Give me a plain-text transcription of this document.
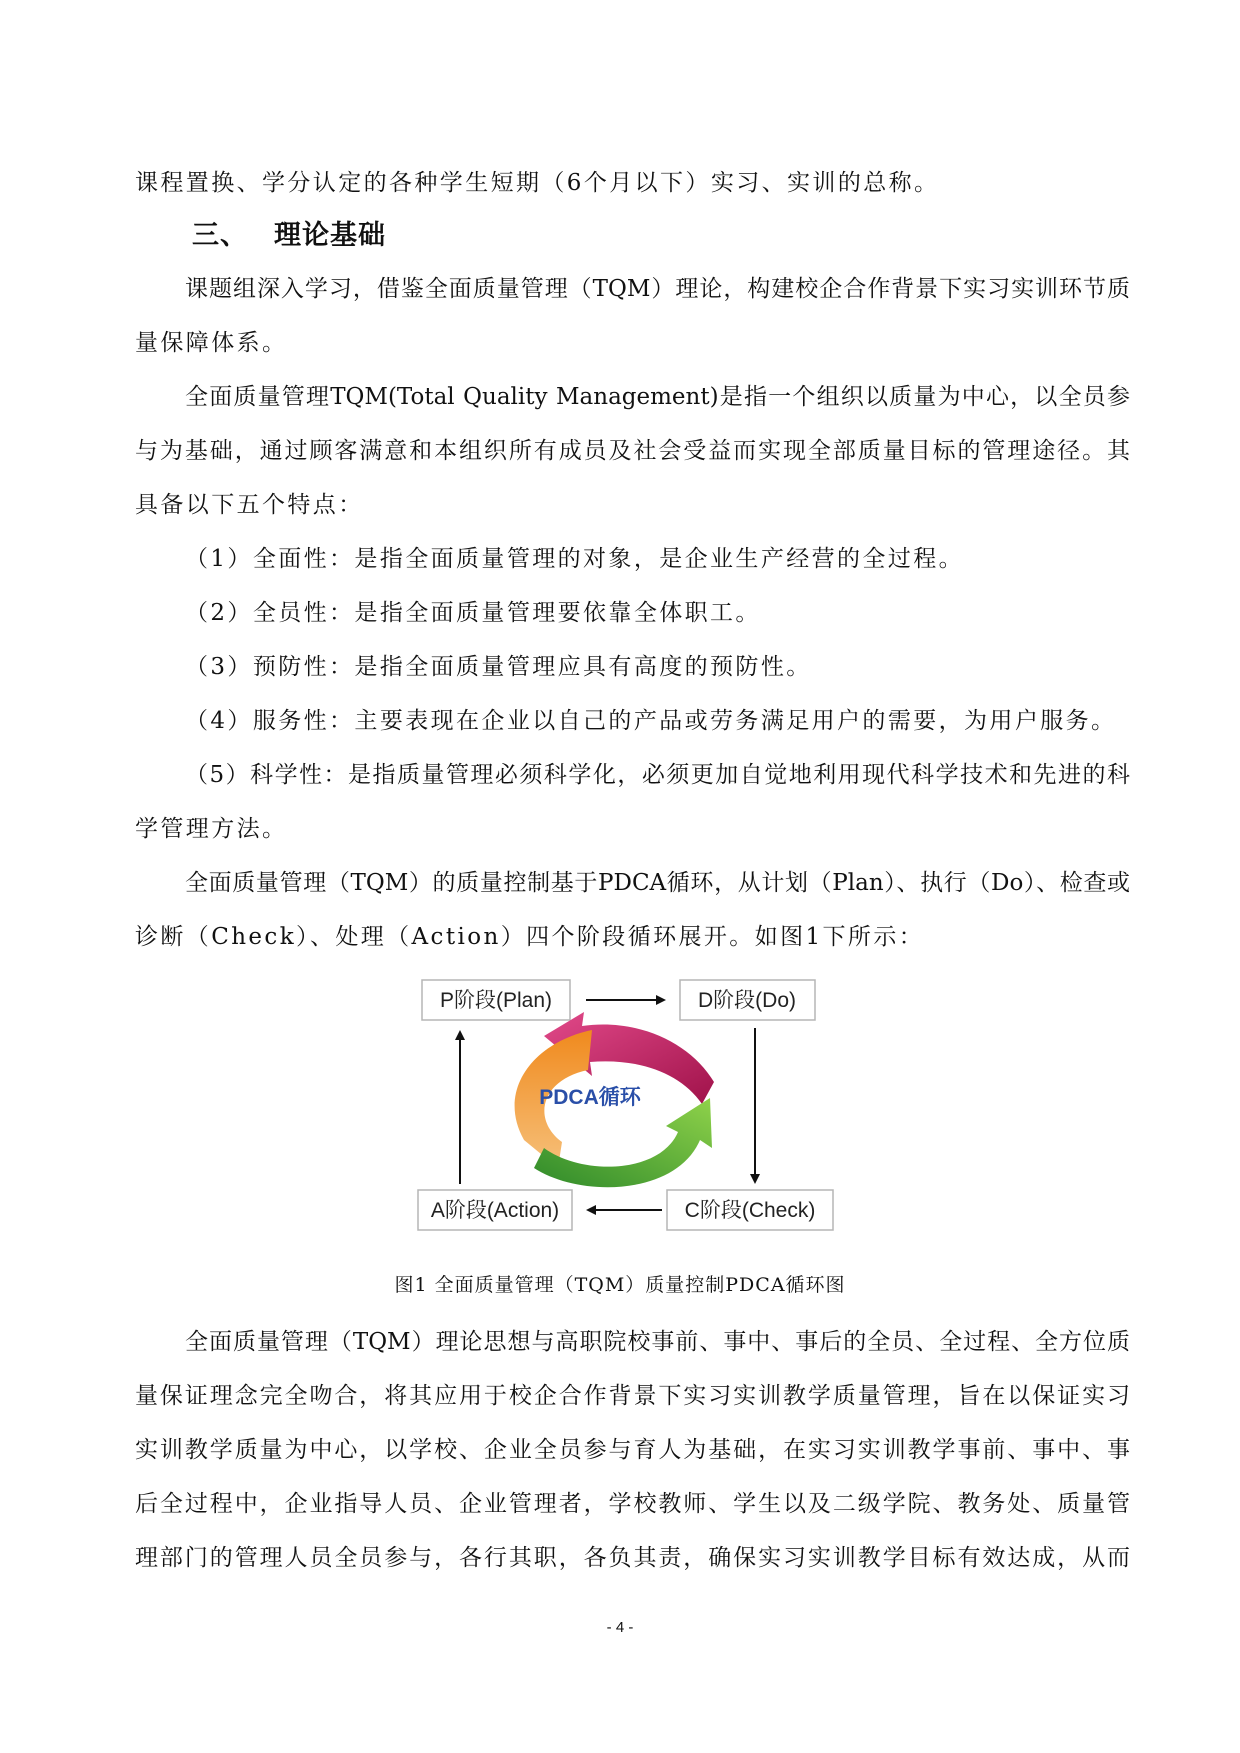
课程置换、学分认定的各种学生短期（6个月以下）实习、实训的总称。
三、 理论基础
课题组深入学习，借鉴全面质量管理（TQM）理论，构建校企合作背景下实习实训环节质
量保障体系。
全面质量管理TQM(Total Quality Management)是指一个组织以质量为中心，以全员参
与为基础，通过顾客满意和本组织所有成员及社会受益而实现全部质量目标的管理途径。其
具备以下五个特点：
（1）全面性：是指全面质量管理的对象，是企业生产经营的全过程。
（2）全员性：是指全面质量管理要依靠全体职工。
（3）预防性：是指全面质量管理应具有高度的预防性。
（4）服务性：主要表现在企业以自己的产品或劳务满足用户的需要，为用户服务。
（5）科学性：是指质量管理必须科学化，必须更加自觉地利用现代科学技术和先进的科
学管理方法。
全面质量管理（TQM）的质量控制基于PDCA循环，从计划（Plan）、执行（Do）、检查或
诊断（Check）、处理（Action）四个阶段循环展开。如图1下所示：
P阶段(Plan)	D阶段(Do)
A阶段(Action)	C阶段(Check)
PDCA循环
图1 全面质量管理（TQM）质量控制PDCA循环图
全面质量管理（TQM）理论思想与高职院校事前、事中、事后的全员、全过程、全方位质
量保证理念完全吻合，将其应用于校企合作背景下实习实训教学质量管理，旨在以保证实习
实训教学质量为中心，以学校、企业全员参与育人为基础，在实习实训教学事前、事中、事
后全过程中，企业指导人员、企业管理者，学校教师、学生以及二级学院、教务处、质量管
理部门的管理人员全员参与，各行其职，各负其责，确保实习实训教学目标有效达成，从而
- 4 -
